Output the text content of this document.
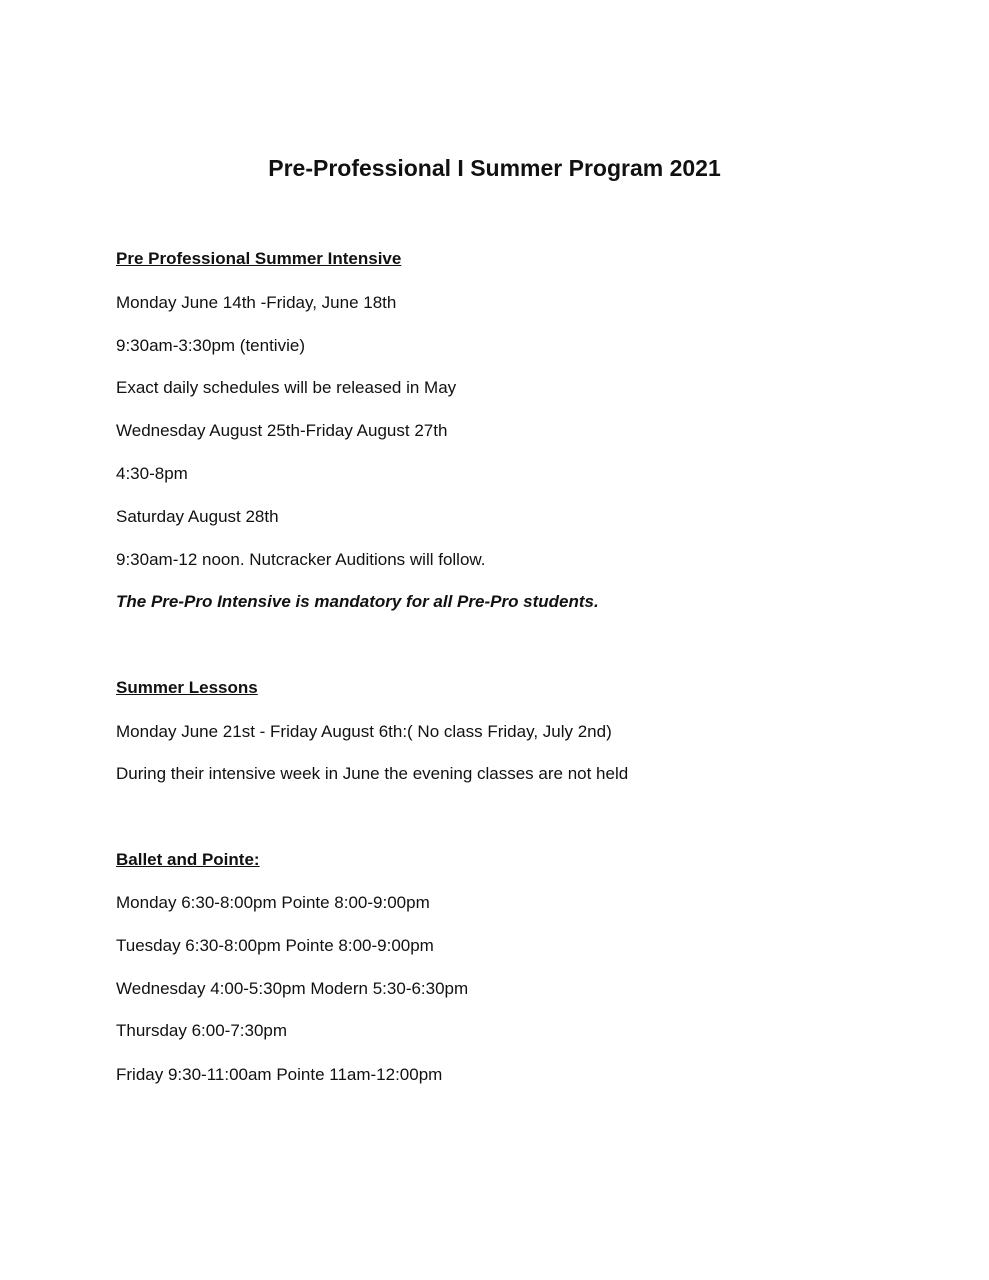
Pre-Professional I Summer Program 2021

Pre Professional Summer Intensive

Monday June 14th -Friday, June 18th

9:30am-3:30pm (tentivie)

Exact daily schedules will be released in May

Wednesday August 25th-Friday August 27th

4:30-8pm

Saturday August 28th

9:30am-12 noon. Nutcracker Auditions will follow.

The Pre-Pro Intensive is mandatory for all Pre-Pro students.

Summer Lessons

Monday June 21st - Friday August 6th:( No class Friday, July 2nd)

During their intensive week in June the evening classes are not held

Ballet and Pointe:

Monday 6:30-8:00pm Pointe 8:00-9:00pm

Tuesday 6:30-8:00pm Pointe 8:00-9:00pm

Wednesday 4:00-5:30pm Modern 5:30-6:30pm

Thursday 6:00-7:30pm

Friday 9:30-11:00am Pointe 11am-12:00pm
